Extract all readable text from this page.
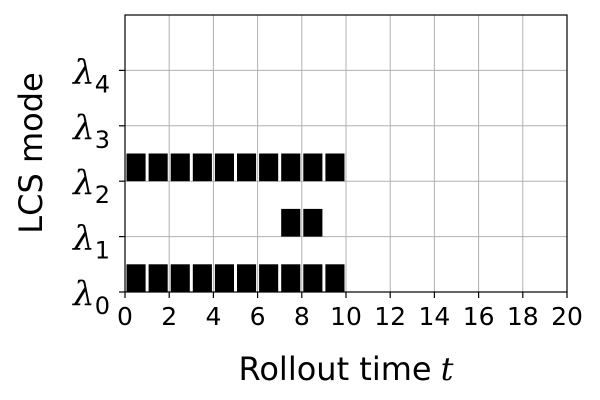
0 2 4 6 8 10 12 14 16 18 20
$\lambda_0$
$\lambda_1$
$\lambda_2$
$\lambda_3$
$\lambda_4$
Rollout time t
LCS mode
